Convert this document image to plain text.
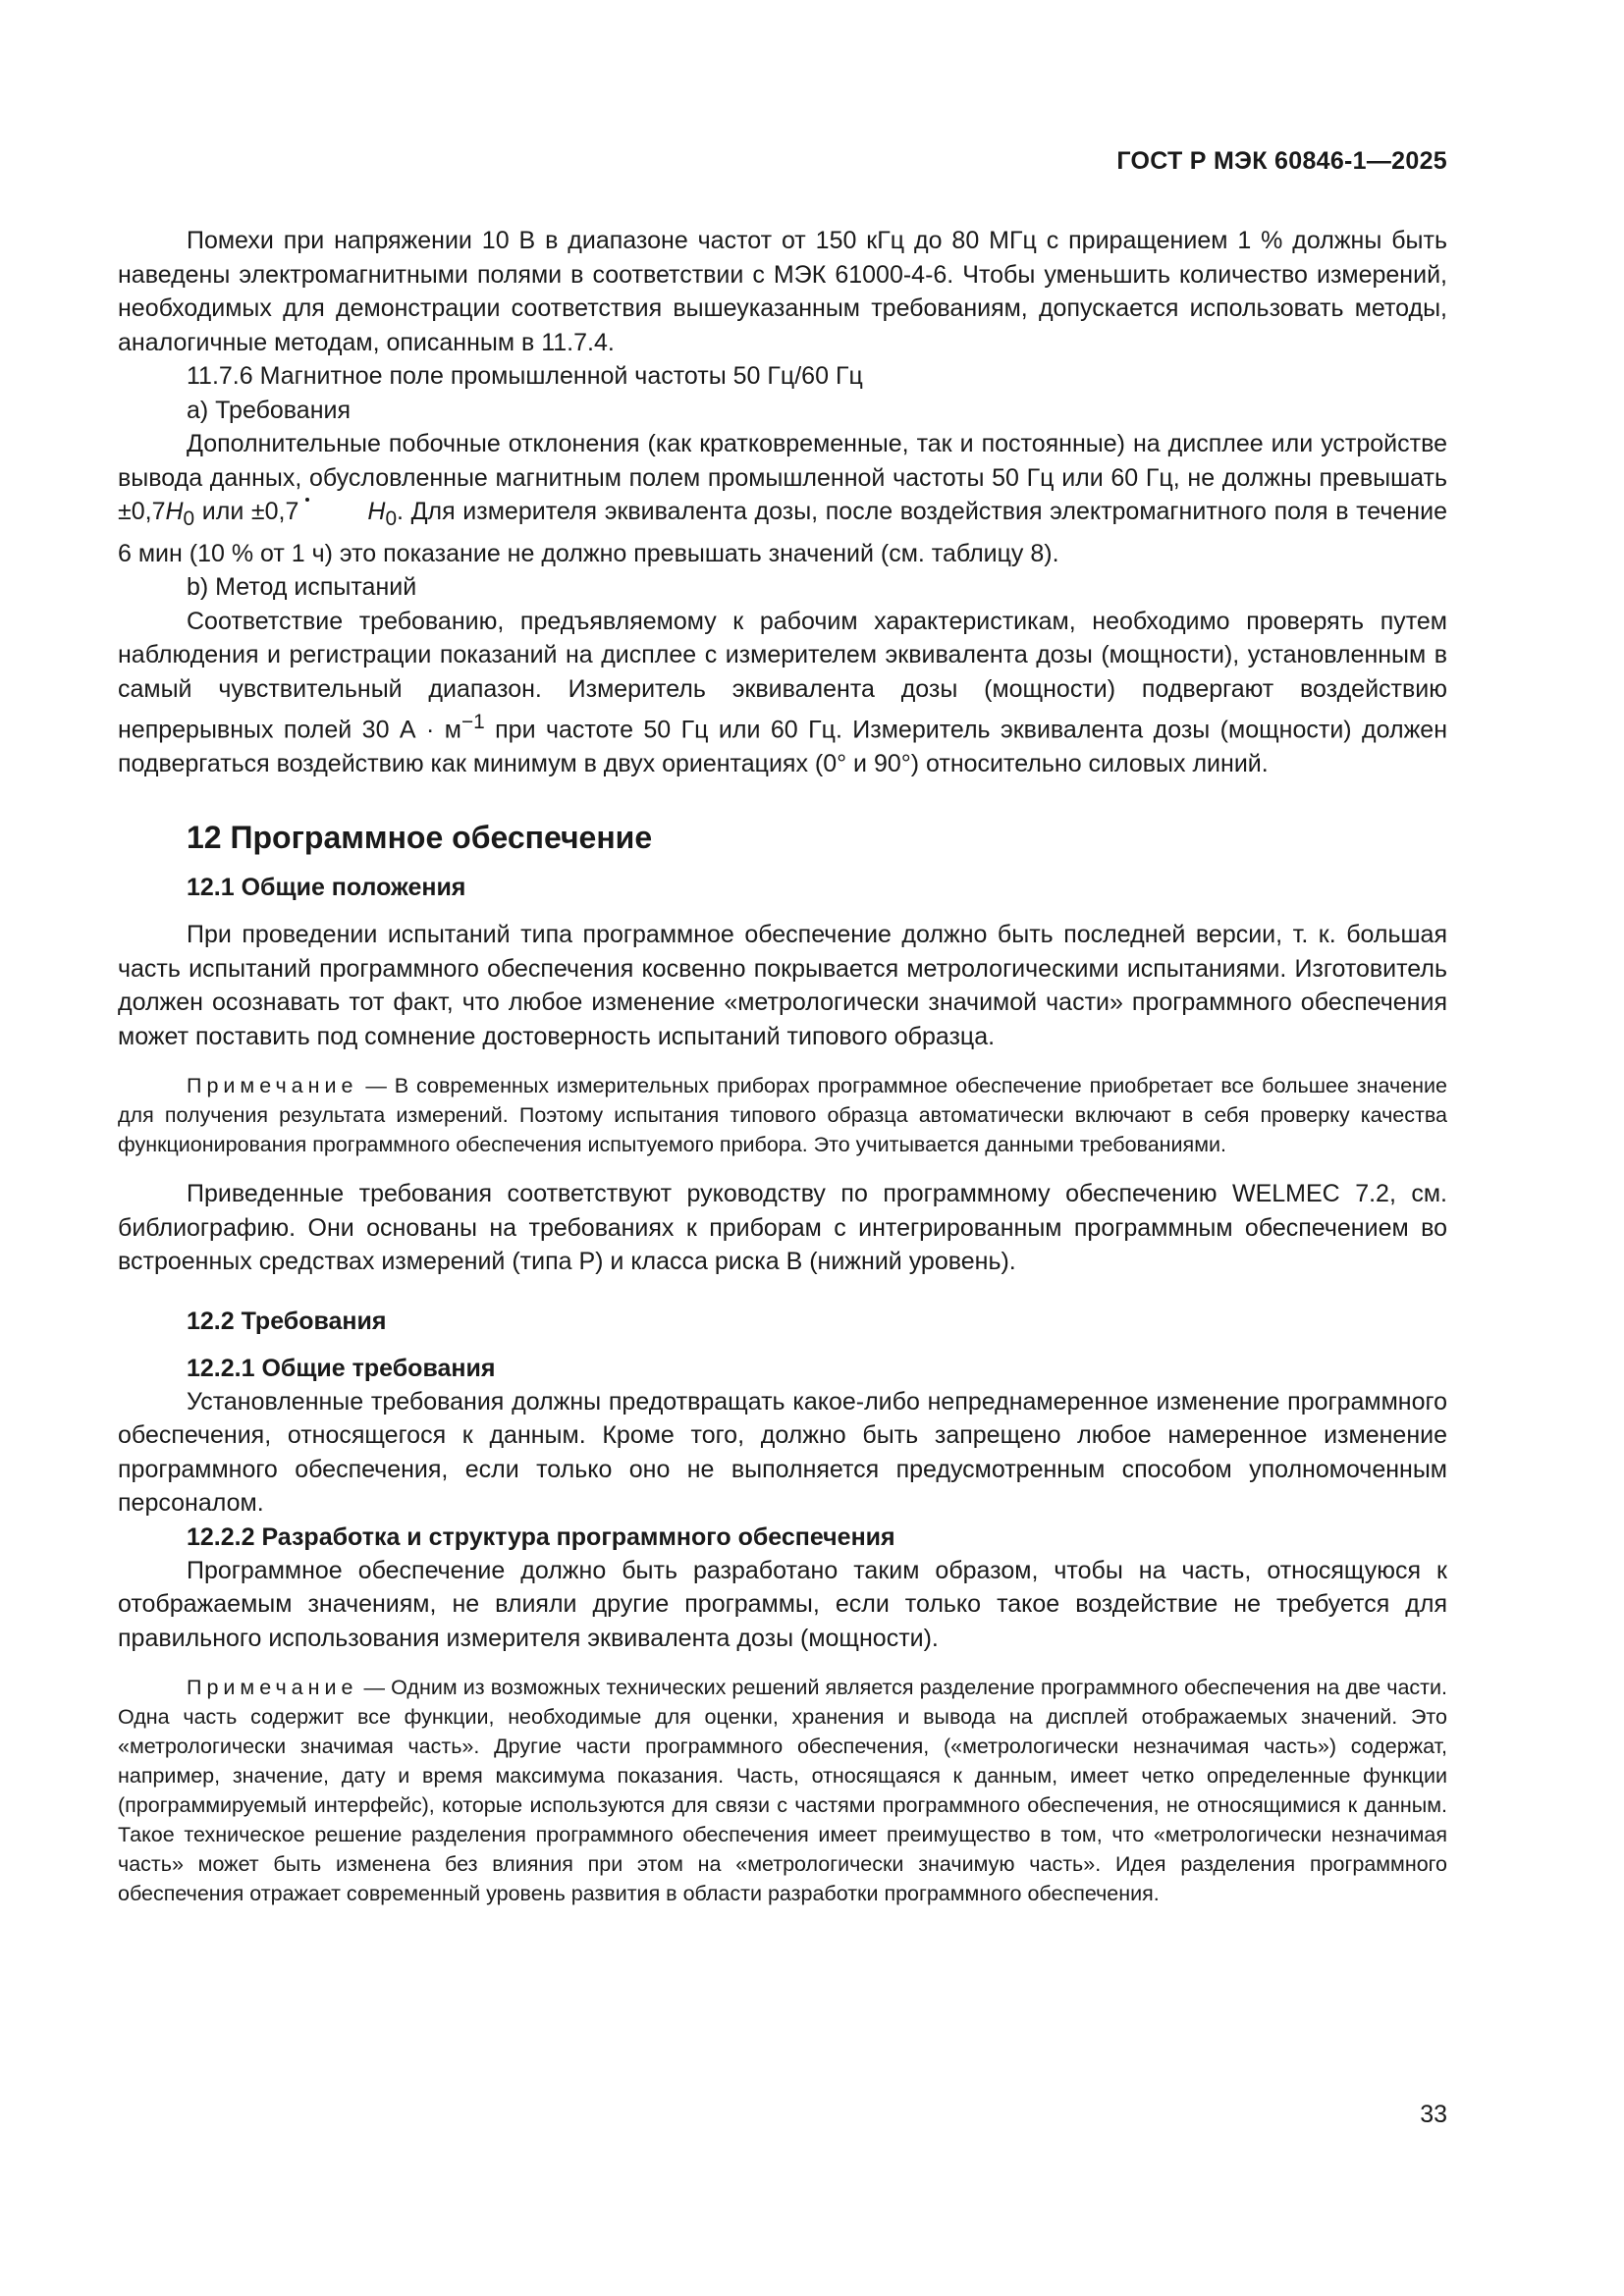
ГОСТ Р МЭК 60846-1—2025

Помехи при напряжении 10 В в диапазоне частот от 150 кГц до 80 МГц с приращением 1 % должны быть наведены электромагнитными полями в соответствии с МЭК 61000-4-6. Чтобы уменьшить количество измерений, необходимых для демонстрации соответствия вышеуказанным требованиям, допускается использовать методы, аналогичные методам, описанным в 11.7.4.

11.7.6 Магнитное поле промышленной частоты 50 Гц/60 Гц

а) Требования

Дополнительные побочные отклонения (как кратковременные, так и постоянные) на дисплее или устройстве вывода данных, обусловленные магнитным полем промышленной частоты 50 Гц или 60 Гц, не должны превышать $\pm 0,7H_0$ или ±0,7	$H_0$. Для измерителя эквивалента дозы, после воздействия электромагнитного поля в течение 6 мин (10 % от 1 ч) это показание не должно превышать значений (см. таблицу 8).

b) Метод испытаний

Соответствие требованию, предъявляемому к рабочим характеристикам, необходимо проверять путем наблюдения и регистрации показаний на дисплее с измерителем эквивалента дозы (мощности), установленным в самый чувствительный диапазон. Измеритель эквивалента дозы (мощности) подвергают воздействию непрерывных полей 30 $А \cdot м^{-1}$ при частоте 50 Гц или 60 Гц. Измеритель эквивалента дозы (мощности) должен подвергаться воздействию как минимум в двух ориентациях (0° и 90°) относительно силовых линий.

12 Программное обеспечение
12.1 Общие положения

При проведении испытаний типа программное обеспечение должно быть последней версии, т. к. большая часть испытаний программного обеспечения косвенно покрывается метрологическими испытаниями. Изготовитель должен осознавать тот факт, что любое изменение «метрологически значимой части» программного обеспечения может поставить под сомнение достоверность испытаний типового образца.

Примечание — В современных измерительных приборах программное обеспечение приобретает все большее значение для получения результата измерений. Поэтому испытания типового образца автоматически включают в себя проверку качества функционирования программного обеспечения испытуемого прибора. Это учитывается данными требованиями.

Приведенные требования соответствуют руководству по программному обеспечению WELMEC 7.2, см. библиографию. Они основаны на требованиях к приборам с интегрированным программным обеспечением во встроенных средствах измерений (типа Р) и класса риска В (нижний уровень).

12.2 Требования
12.2.1 Общие требования

Установленные требования должны предотвращать какое-либо непреднамеренное изменение программного обеспечения, относящегося к данным. Кроме того, должно быть запрещено любое намеренное изменение программного обеспечения, если только оно не выполняется предусмотренным способом уполномоченным персоналом.

12.2.2 Разработка и структура программного обеспечения

Программное обеспечение должно быть разработано таким образом, чтобы на часть, относящуюся к отображаемым значениям, не влияли другие программы, если только такое воздействие не требуется для правильного использования измерителя эквивалента дозы (мощности).

Примечание — Одним из возможных технических решений является разделение программного обеспечения на две части. Одна часть содержит все функции, необходимые для оценки, хранения и вывода на дисплей отображаемых значений. Это «метрологически значимая часть». Другие части программного обеспечения, («метрологически незначимая часть») содержат, например, значение, дату и время максимума показания. Часть, относящаяся к данным, имеет четко определенные функции (программируемый интерфейс), которые используются для связи с частями программного обеспечения, не относящимися к данным. Такое техническое решение разделения программного обеспечения имеет преимущество в том, что «метрологически незначимая часть» может быть изменена без влияния при этом на «метрологически значимую часть». Идея разделения программного обеспечения отражает современный уровень развития в области разработки программного обеспечения.

33
